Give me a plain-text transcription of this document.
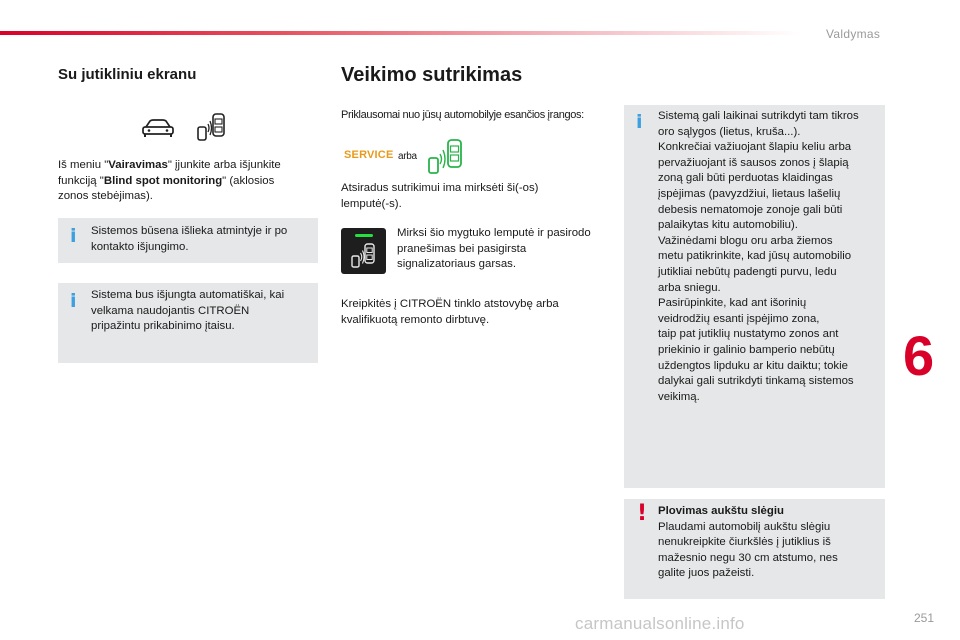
Valdymas
6
251
carmanualsonline.info
Su jutikliniu ekranu
Iš meniu "Vairavimas" įjunkite arba išjunkite funkciją "Blind spot monitoring" (aklosios zonos stebėjimas).
i Sistemos būsena išlieka atmintyje ir po kontakto išjungimo.
i Sistema bus išjungta automatiškai, kai velkama naudojantis CITROËN pripažintu prikabinimo įtaisu.
Veikimo sutrikimas
Priklausomai nuo jūsų automobilyje esančios įrangos:
SERVICE arba
Atsiradus sutrikimui ima mirksėti ši(-os) lemputė(-s).
Mirksi šio mygtuko lemputė ir pasirodo pranešimas bei pasigirsta signalizatoriaus garsas.
Kreipkitės į CITROËN tinklo atstovybę arba kvalifikuotą remonto dirbtuvę.
i Sistemą gali laikinai sutrikdyti tam tikros
oro sąlygos (lietus, kruša...).
Konkrečiai važiuojant šlapiu keliu arba
pervažiuojant iš sausos zonos į šlapią
zoną gali būti perduotas klaidingas
įspėjimas (pavyzdžiui, lietaus lašelių
debesis nematomoje zonoje gali būti
palaikytas kitu automobiliu).
Važinėdami blogu oru arba žiemos
metu patikrinkite, kad jūsų automobilio
jutikliai nebūtų padengti purvu, ledu
arba sniegu.
Pasirūpinkite, kad ant išorinių
veidrodžių esanti įspėjimo zona,
taip pat jutiklių nustatymo zonos ant
priekinio ir galinio bamperio nebūtų
uždengtos lipduku ar kitu daiktu; tokie
dalykai gali sutrikdyti tinkamą sistemos
veikimą.
! Plovimas aukštu slėgiu
Plaudami automobilį aukštu slėgiu
nenukreipkite čiurkšlės į jutiklius iš
mažesnio negu 30 cm atstumo, nes
galite juos pažeisti.
